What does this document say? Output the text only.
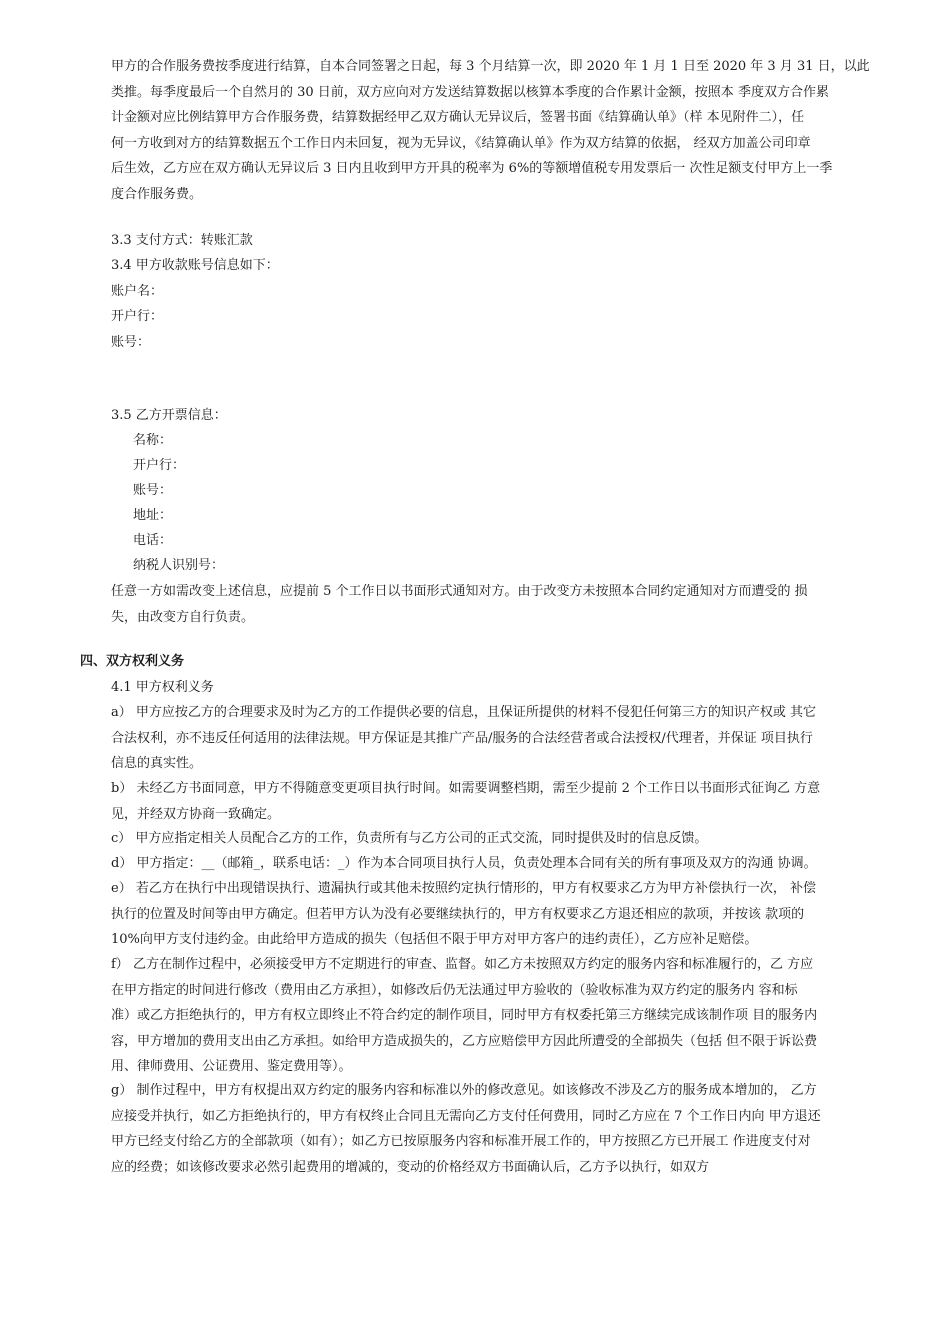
甲方的合作服务费按季度进行结算，自本合同签署之日起，每 3 个月结算一次，即 2020 年 1 月 1 日至 2020 年 3 月 31 日，以此
类推。每季度最后一个自然月的 30 日前，双方应向对方发送结算数据以核算本季度的合作累计金额，按照本 季度双方合作累
计金额对应比例结算甲方合作服务费，结算数据经甲乙双方确认无异议后，签署书面《结算确认单》（样 本见附件二），任
何一方收到对方的结算数据五个工作日内未回复，视为无异议，《结算确认单》作为双方结算的依据， 经双方加盖公司印章
后生效，乙方应在双方确认无异议后 3 日内且收到甲方开具的税率为 6%的等额增值税专用发票后一 次性足额支付甲方上一季
度合作服务费。
3.3 支付方式：转账汇款
3.4 甲方收款账号信息如下：
账户名：
开户行：
账号：
3.5 乙方开票信息：
名称：
开户行：
账号：
地址：
电话：
纳税人识别号：
任意一方如需改变上述信息，应提前 5 个工作日以书面形式通知对方。由于改变方未按照本合同约定通知对方而遭受的 损
失，由改变方自行负责。
四、双方权利义务
4.1 甲方权利义务
a） 甲方应按乙方的合理要求及时为乙方的工作提供必要的信息，且保证所提供的材料不侵犯任何第三方的知识产权或 其它
合法权利，亦不违反任何适用的法律法规。甲方保证是其推广产品/服务的合法经营者或合法授权/代理者，并保证 项目执行
信息的真实性。
b） 未经乙方书面同意，甲方不得随意变更项目执行时间。如需要调整档期，需至少提前 2 个工作日以书面形式征询乙 方意
见，并经双方协商一致确定。
c） 甲方应指定相关人员配合乙方的工作，负责所有与乙方公司的正式交流，同时提供及时的信息反馈。
d） 甲方指定：__（邮箱_，联系电话：_）作为本合同项目执行人员，负责处理本合同有关的所有事项及双方的沟通 协调。
e） 若乙方在执行中出现错误执行、遗漏执行或其他未按照约定执行情形的，甲方有权要求乙方为甲方补偿执行一次， 补偿
执行的位置及时间等由甲方确定。但若甲方认为没有必要继续执行的，甲方有权要求乙方退还相应的款项，并按该 款项的
10%向甲方支付违约金。由此给甲方造成的损失（包括但不限于甲方对甲方客户的违约责任），乙方应补足赔偿。
f） 乙方在制作过程中，必须接受甲方不定期进行的审查、监督。如乙方未按照双方约定的服务内容和标准履行的，乙 方应
在甲方指定的时间进行修改（费用由乙方承担），如修改后仍无法通过甲方验收的（验收标准为双方约定的服务内 容和标
准）或乙方拒绝执行的，甲方有权立即终止不符合约定的制作项目，同时甲方有权委托第三方继续完成该制作项 目的服务内
容，甲方增加的费用支出由乙方承担。如给甲方造成损失的，乙方应赔偿甲方因此所遭受的全部损失（包括 但不限于诉讼费
用、律师费用、公证费用、鉴定费用等）。
g） 制作过程中，甲方有权提出双方约定的服务内容和标准以外的修改意见。如该修改不涉及乙方的服务成本增加的， 乙方
应接受并执行，如乙方拒绝执行的，甲方有权终止合同且无需向乙方支付任何费用，同时乙方应在 7 个工作日内向 甲方退还
甲方已经支付给乙方的全部款项（如有）；如乙方已按原服务内容和标准开展工作的，甲方按照乙方已开展工 作进度支付对
应的经费；如该修改要求必然引起费用的增减的，变动的价格经双方书面确认后，乙方予以执行，如双方
